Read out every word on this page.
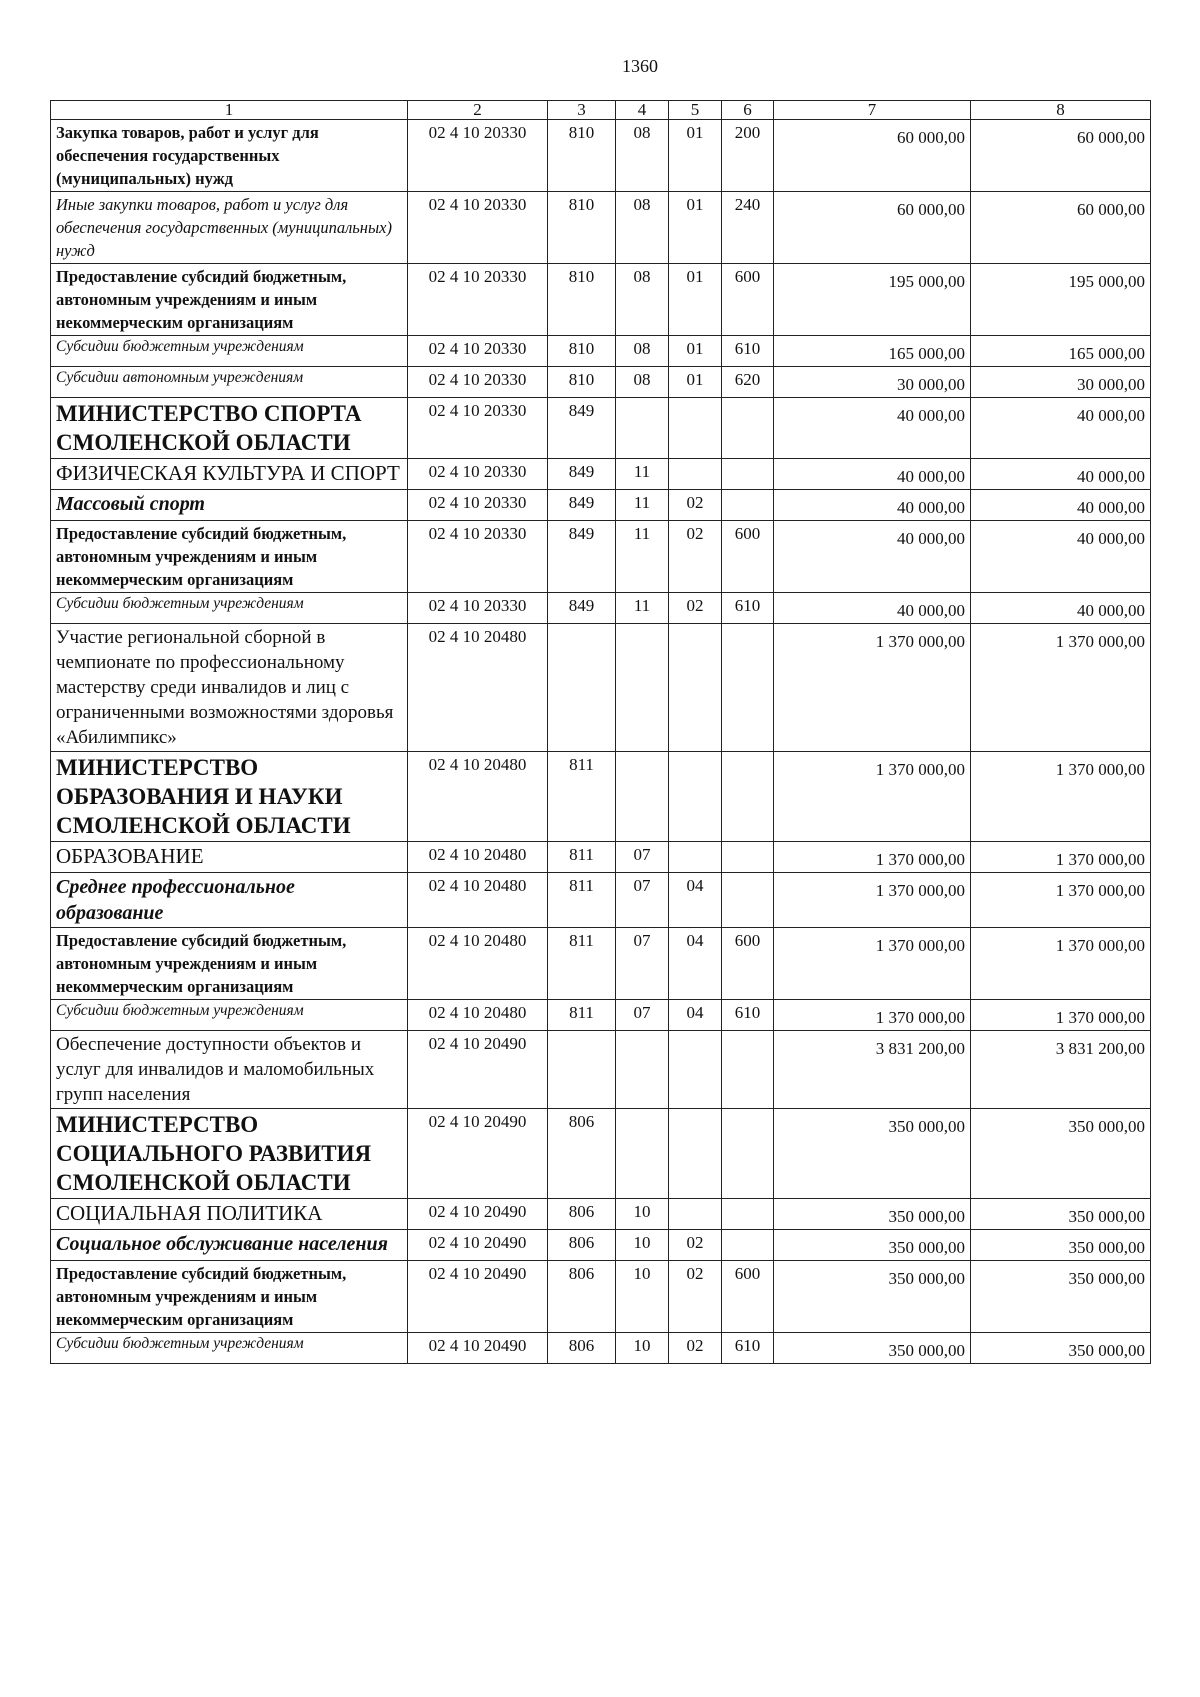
1360
1	2	3	4	5	6	7	8
Закупка товаров, работ и услуг для обеспечения государственных (муниципальных) нужд	02 4 10 20330	810	08	01	200	60 000,00	60 000,00
Иные закупки товаров, работ и услуг для обеспечения государственных (муниципальных) нужд	02 4 10 20330	810	08	01	240	60 000,00	60 000,00
Предоставление субсидий бюджетным, автономным учреждениям и иным некоммерческим организациям	02 4 10 20330	810	08	01	600	195 000,00	195 000,00
Субсидии бюджетным учреждениям	02 4 10 20330	810	08	01	610	165 000,00	165 000,00
Субсидии автономным учреждениям	02 4 10 20330	810	08	01	620	30 000,00	30 000,00
МИНИСТЕРСТВО СПОРТА СМОЛЕНСКОЙ ОБЛАСТИ	02 4 10 20330	849				40 000,00	40 000,00
ФИЗИЧЕСКАЯ КУЛЬТУРА И СПОРТ	02 4 10 20330	849	11			40 000,00	40 000,00
Массовый спорт	02 4 10 20330	849	11	02		40 000,00	40 000,00
Предоставление субсидий бюджетным, автономным учреждениям и иным некоммерческим организациям	02 4 10 20330	849	11	02	600	40 000,00	40 000,00
Субсидии бюджетным учреждениям	02 4 10 20330	849	11	02	610	40 000,00	40 000,00
Участие региональной сборной в чемпионате по профессиональному мастерству среди инвалидов и лиц с ограниченными возможностями здоровья «Абилимпикс»	02 4 10 20480					1 370 000,00	1 370 000,00
МИНИСТЕРСТВО ОБРАЗОВАНИЯ И НАУКИ СМОЛЕНСКОЙ ОБЛАСТИ	02 4 10 20480	811				1 370 000,00	1 370 000,00
ОБРАЗОВАНИЕ	02 4 10 20480	811	07			1 370 000,00	1 370 000,00
Среднее профессиональное образование	02 4 10 20480	811	07	04		1 370 000,00	1 370 000,00
Предоставление субсидий бюджетным, автономным учреждениям и иным некоммерческим организациям	02 4 10 20480	811	07	04	600	1 370 000,00	1 370 000,00
Субсидии бюджетным учреждениям	02 4 10 20480	811	07	04	610	1 370 000,00	1 370 000,00
Обеспечение доступности объектов и услуг для инвалидов и маломобильных групп населения	02 4 10 20490					3 831 200,00	3 831 200,00
МИНИСТЕРСТВО СОЦИАЛЬНОГО РАЗВИТИЯ СМОЛЕНСКОЙ ОБЛАСТИ	02 4 10 20490	806				350 000,00	350 000,00
СОЦИАЛЬНАЯ ПОЛИТИКА	02 4 10 20490	806	10			350 000,00	350 000,00
Социальное обслуживание населения	02 4 10 20490	806	10	02		350 000,00	350 000,00
Предоставление субсидий бюджетным, автономным учреждениям и иным некоммерческим организациям	02 4 10 20490	806	10	02	600	350 000,00	350 000,00
Субсидии бюджетным учреждениям	02 4 10 20490	806	10	02	610	350 000,00	350 000,00
